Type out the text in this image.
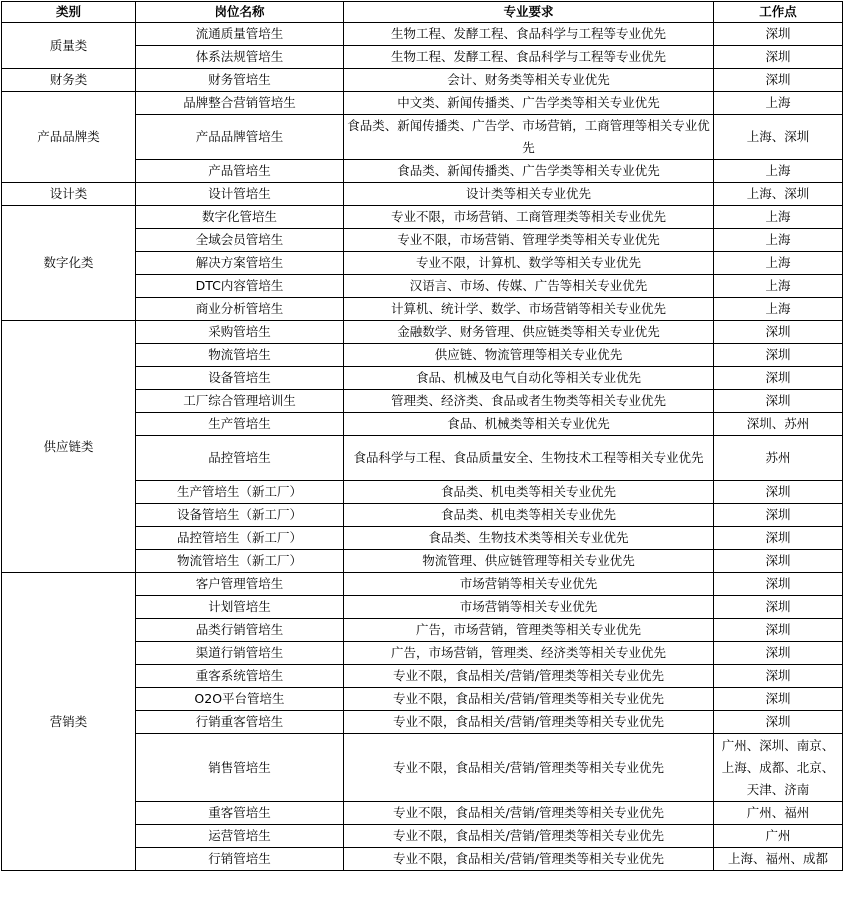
类别	岗位名称	专业要求	工作点
质量类	流通质量管培生	生物工程、发酵工程、食品科学与工程等专业优先	深圳
	体系法规管培生	生物工程、发酵工程、食品科学与工程等专业优先	深圳
财务类	财务管培生	会计、财务类等相关专业优先	深圳
产品品牌类	品牌整合营销管培生	中文类、新闻传播类、广告学类等相关专业优先	上海
	产品品牌管培生	食品类、新闻传播类、广告学、市场营销，工商管理等相关专业优先	上海、深圳
	产品管培生	食品类、新闻传播类、广告学类等相关专业优先	上海
设计类	设计管培生	设计类等相关专业优先	上海、深圳
数字化类	数字化管培生	专业不限，市场营销、工商管理类等相关专业优先	上海
	全域会员管培生	专业不限，市场营销、管理学类等相关专业优先	上海
	解决方案管培生	专业不限，计算机、数学等相关专业优先	上海
	DTC内容管培生	汉语言、市场、传媒、广告等相关专业优先	上海
	商业分析管培生	计算机、统计学、数学、市场营销等相关专业优先	上海
供应链类	采购管培生	金融数学、财务管理、供应链类等相关专业优先	深圳
	物流管培生	供应链、物流管理等相关专业优先	深圳
	设备管培生	食品、机械及电气自动化等相关专业优先	深圳
	工厂综合管理培训生	管理类、经济类、食品或者生物类等相关专业优先	深圳
	生产管培生	食品、机械类等相关专业优先	深圳、苏州
	品控管培生	食品科学与工程、食品质量安全、生物技术工程等相关专业优先	苏州
	生产管培生（新工厂）	食品类、机电类等相关专业优先	深圳
	设备管培生（新工厂）	食品类、机电类等相关专业优先	深圳
	品控管培生（新工厂）	食品类、生物技术类等相关专业优先	深圳
	物流管培生（新工厂）	物流管理、供应链管理等相关专业优先	深圳
营销类	客户管理管培生	市场营销等相关专业优先	深圳
	计划管培生	市场营销等相关专业优先	深圳
	品类行销管培生	广告，市场营销，管理类等相关专业优先	深圳
	渠道行销管培生	广告，市场营销，管理类、经济类等相关专业优先	深圳
	重客系统管培生	专业不限，食品相关/营销/管理类等相关专业优先	深圳
	O2O平台管培生	专业不限，食品相关/营销/管理类等相关专业优先	深圳
	行销重客管培生	专业不限，食品相关/营销/管理类等相关专业优先	深圳
	销售管培生	专业不限，食品相关/营销/管理类等相关专业优先	广州、深圳、南京、上海、成都、北京、天津、济南
	重客管培生	专业不限，食品相关/营销/管理类等相关专业优先	广州、福州
	运营管培生	专业不限，食品相关/营销/管理类等相关专业优先	广州
	行销管培生	专业不限，食品相关/营销/管理类等相关专业优先	上海、福州、成都
